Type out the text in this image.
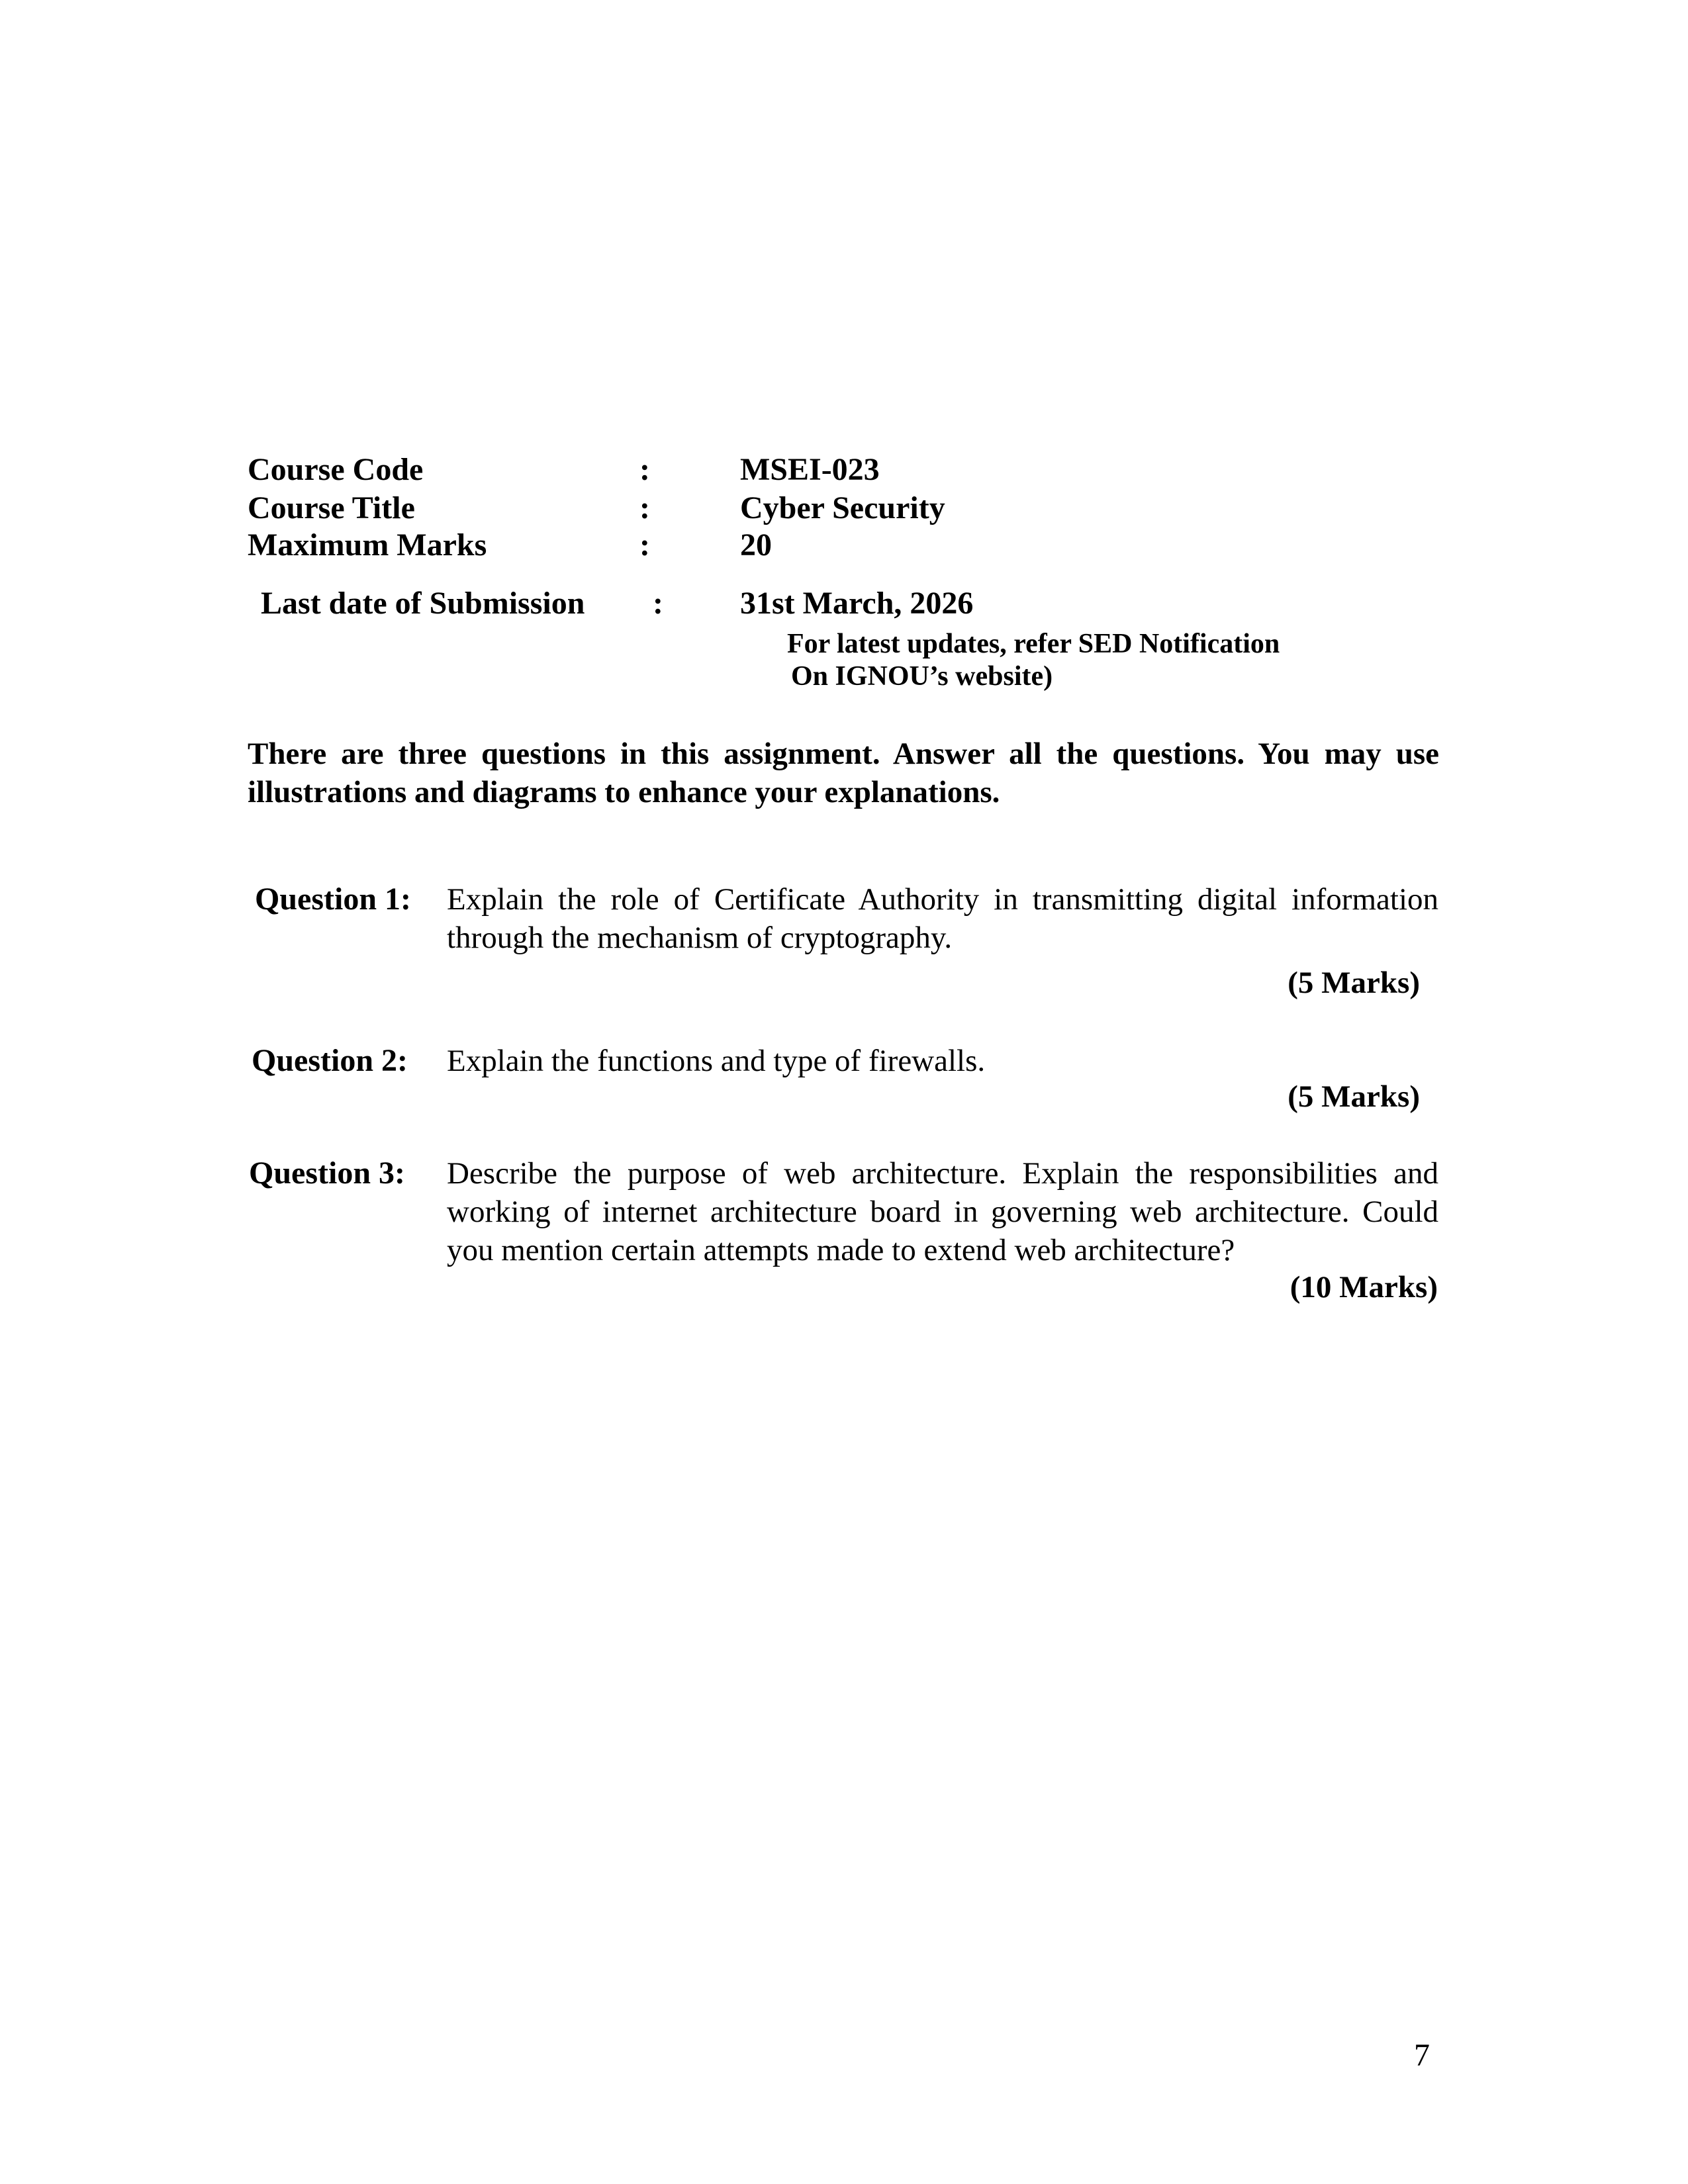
Course Code	:	MSEI-023
Course Title	:	Cyber Security
Maximum Marks	:	20
Last date of Submission : 31st March, 2026
For latest updates, refer SED Notification
On IGNOU’s website)
There are three questions in this assignment. Answer all the questions. You may use illustrations and diagrams to enhance your explanations.
Question 1: Explain the role of Certificate Authority in transmitting digital information through the mechanism of cryptography.
(5 Marks)
Question 2: Explain the functions and type of firewalls.
(5 Marks)
Question 3: Describe the purpose of web architecture. Explain the responsibilities and working of internet architecture board in governing web architecture. Could you mention certain attempts made to extend web architecture?
(10 Marks)
7
